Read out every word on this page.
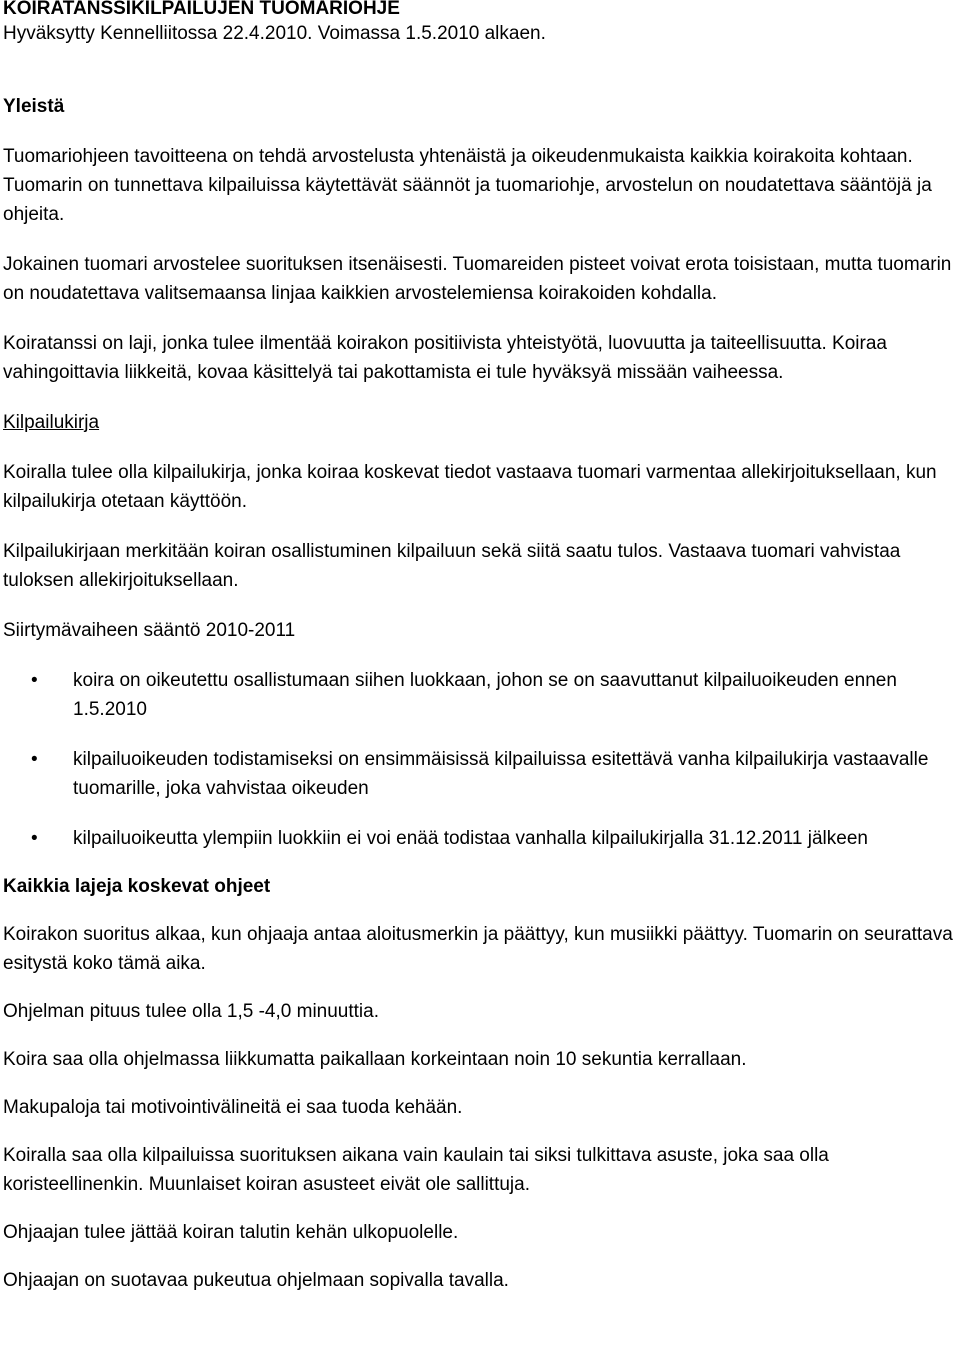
KOIRATANSSIKILPAILUJEN TUOMARIOHJE

Hyväksytty Kennelliitossa 22.4.2010. Voimassa 1.5.2010 alkaen.

Yleistä

Tuomariohjeen tavoitteena on tehdä arvostelusta yhtenäistä ja oikeudenmukaista kaikkia koirakoita kohtaan. Tuomarin on tunnettava kilpailuissa käytettävät säännöt ja tuomariohje, arvostelun on noudatettava sääntöjä ja ohjeita.

Jokainen tuomari arvostelee suorituksen itsenäisesti. Tuomareiden pisteet voivat erota toisistaan, mutta tuomarin on noudatettava valitsemaansa linjaa kaikkien arvostelemiensa koirakoiden kohdalla.

Koiratanssi on laji, jonka tulee ilmentää koirakon positiivista yhteistyötä, luovuutta ja taiteellisuutta. Koiraa vahingoittavia liikkeitä, kovaa käsittelyä tai pakottamista ei tule hyväksyä missään vaiheessa.

Kilpailukirja

Koiralla tulee olla kilpailukirja, jonka koiraa koskevat tiedot vastaava tuomari varmentaa allekirjoituksellaan, kun kilpailukirja otetaan käyttöön.

Kilpailukirjaan merkitään koiran osallistuminen kilpailuun sekä siitä saatu tulos. Vastaava tuomari vahvistaa tuloksen allekirjoituksellaan.

Siirtymävaiheen sääntö 2010-2011

• koira on oikeutettu osallistumaan siihen luokkaan, johon se on saavuttanut kilpailuoikeuden ennen 1.5.2010
• kilpailuoikeuden todistamiseksi on ensimmäisissä kilpailuissa esitettävä vanha kilpailukirja vastaavalle tuomarille, joka vahvistaa oikeuden
• kilpailuoikeutta ylempiin luokkiin ei voi enää todistaa vanhalla kilpailukirjalla 31.12.2011 jälkeen

Kaikkia lajeja koskevat ohjeet

Koirakon suoritus alkaa, kun ohjaaja antaa aloitusmerkin ja päättyy, kun musiikki päättyy. Tuomarin on seurattava esitystä koko tämä aika.

Ohjelman pituus tulee olla 1,5 -4,0 minuuttia.

Koira saa olla ohjelmassa liikkumatta paikallaan korkeintaan noin 10 sekuntia kerrallaan.

Makupaloja tai motivointivälineitä ei saa tuoda kehään.

Koiralla saa olla kilpailuissa suorituksen aikana vain kaulain tai siksi tulkittava asuste, joka saa olla koristeellinenkin. Muunlaiset koiran asusteet eivät ole sallittuja.

Ohjaajan tulee jättää koiran talutin kehän ulkopuolelle.

Ohjaajan on suotavaa pukeutua ohjelmaan sopivalla tavalla.
